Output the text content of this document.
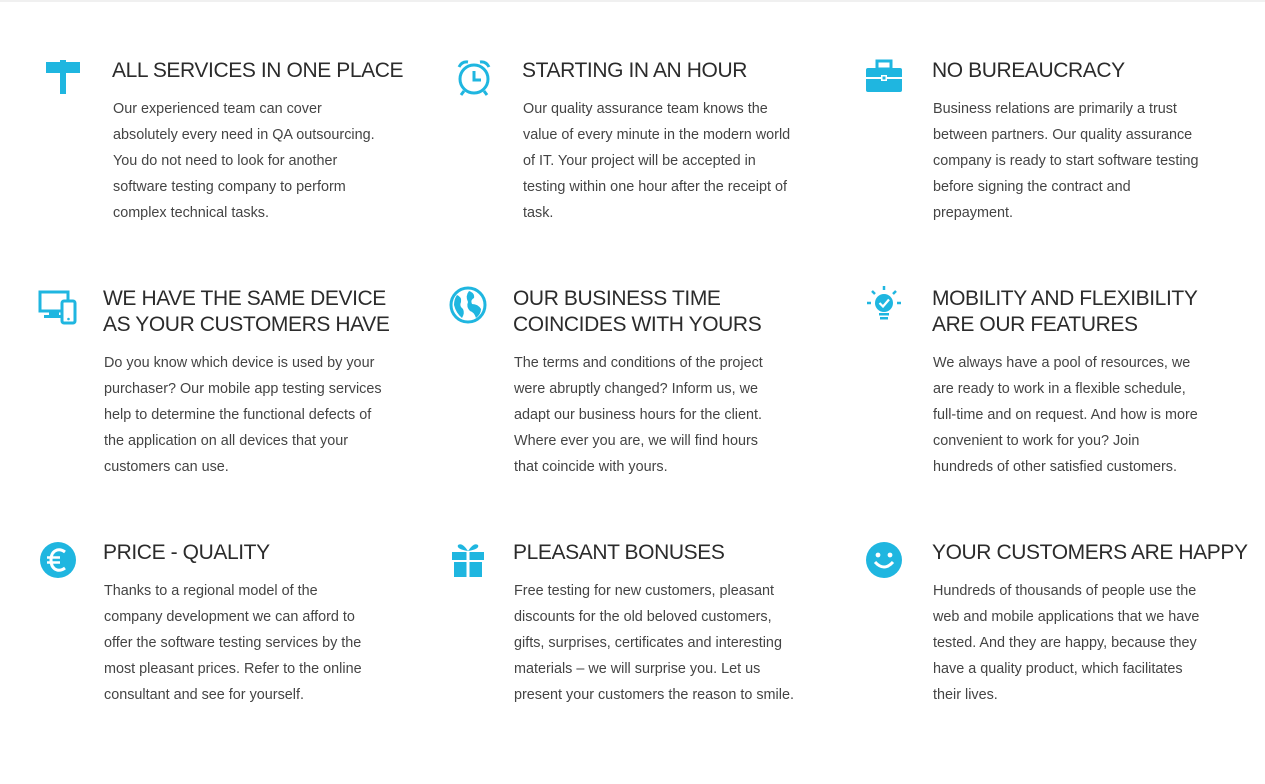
ALL SERVICES IN ONE PLACE

Our experienced team can cover absolutely every need in QA outsourcing. You do not need to look for another software testing company to perform complex technical tasks.

STARTING IN AN HOUR

Our quality assurance team knows the value of every minute in the modern world of IT. Your project will be accepted in testing within one hour after the receipt of task.

NO BUREAUCRACY

Business relations are primarily a trust between partners. Our quality assurance company is ready to start software testing before signing the contract and prepayment.

WE HAVE THE SAME DEVICE AS YOUR CUSTOMERS HAVE

Do you know which device is used by your purchaser? Our mobile app testing services help to determine the functional defects of the application on all devices that your customers can use.

OUR BUSINESS TIME COINCIDES WITH YOURS

The terms and conditions of the project were abruptly changed? Inform us, we adapt our business hours for the client. Where ever you are, we will find hours that coincide with yours.

MOBILITY AND FLEXIBILITY ARE OUR FEATURES

We always have a pool of resources, we are ready to work in a flexible schedule, full-time and on request. And how is more convenient to work for you? Join hundreds of other satisfied customers.

PRICE - QUALITY

Thanks to a regional model of the company development we can afford to offer the software testing services by the most pleasant prices. Refer to the online consultant and see for yourself.

PLEASANT BONUSES

Free testing for new customers, pleasant discounts for the old beloved customers, gifts, surprises, certificates and interesting materials – we will surprise you. Let us present your customers the reason to smile.

YOUR CUSTOMERS ARE HAPPY

Hundreds of thousands of people use the web and mobile applications that we have tested. And they are happy, because they have a quality product, which facilitates their lives.
